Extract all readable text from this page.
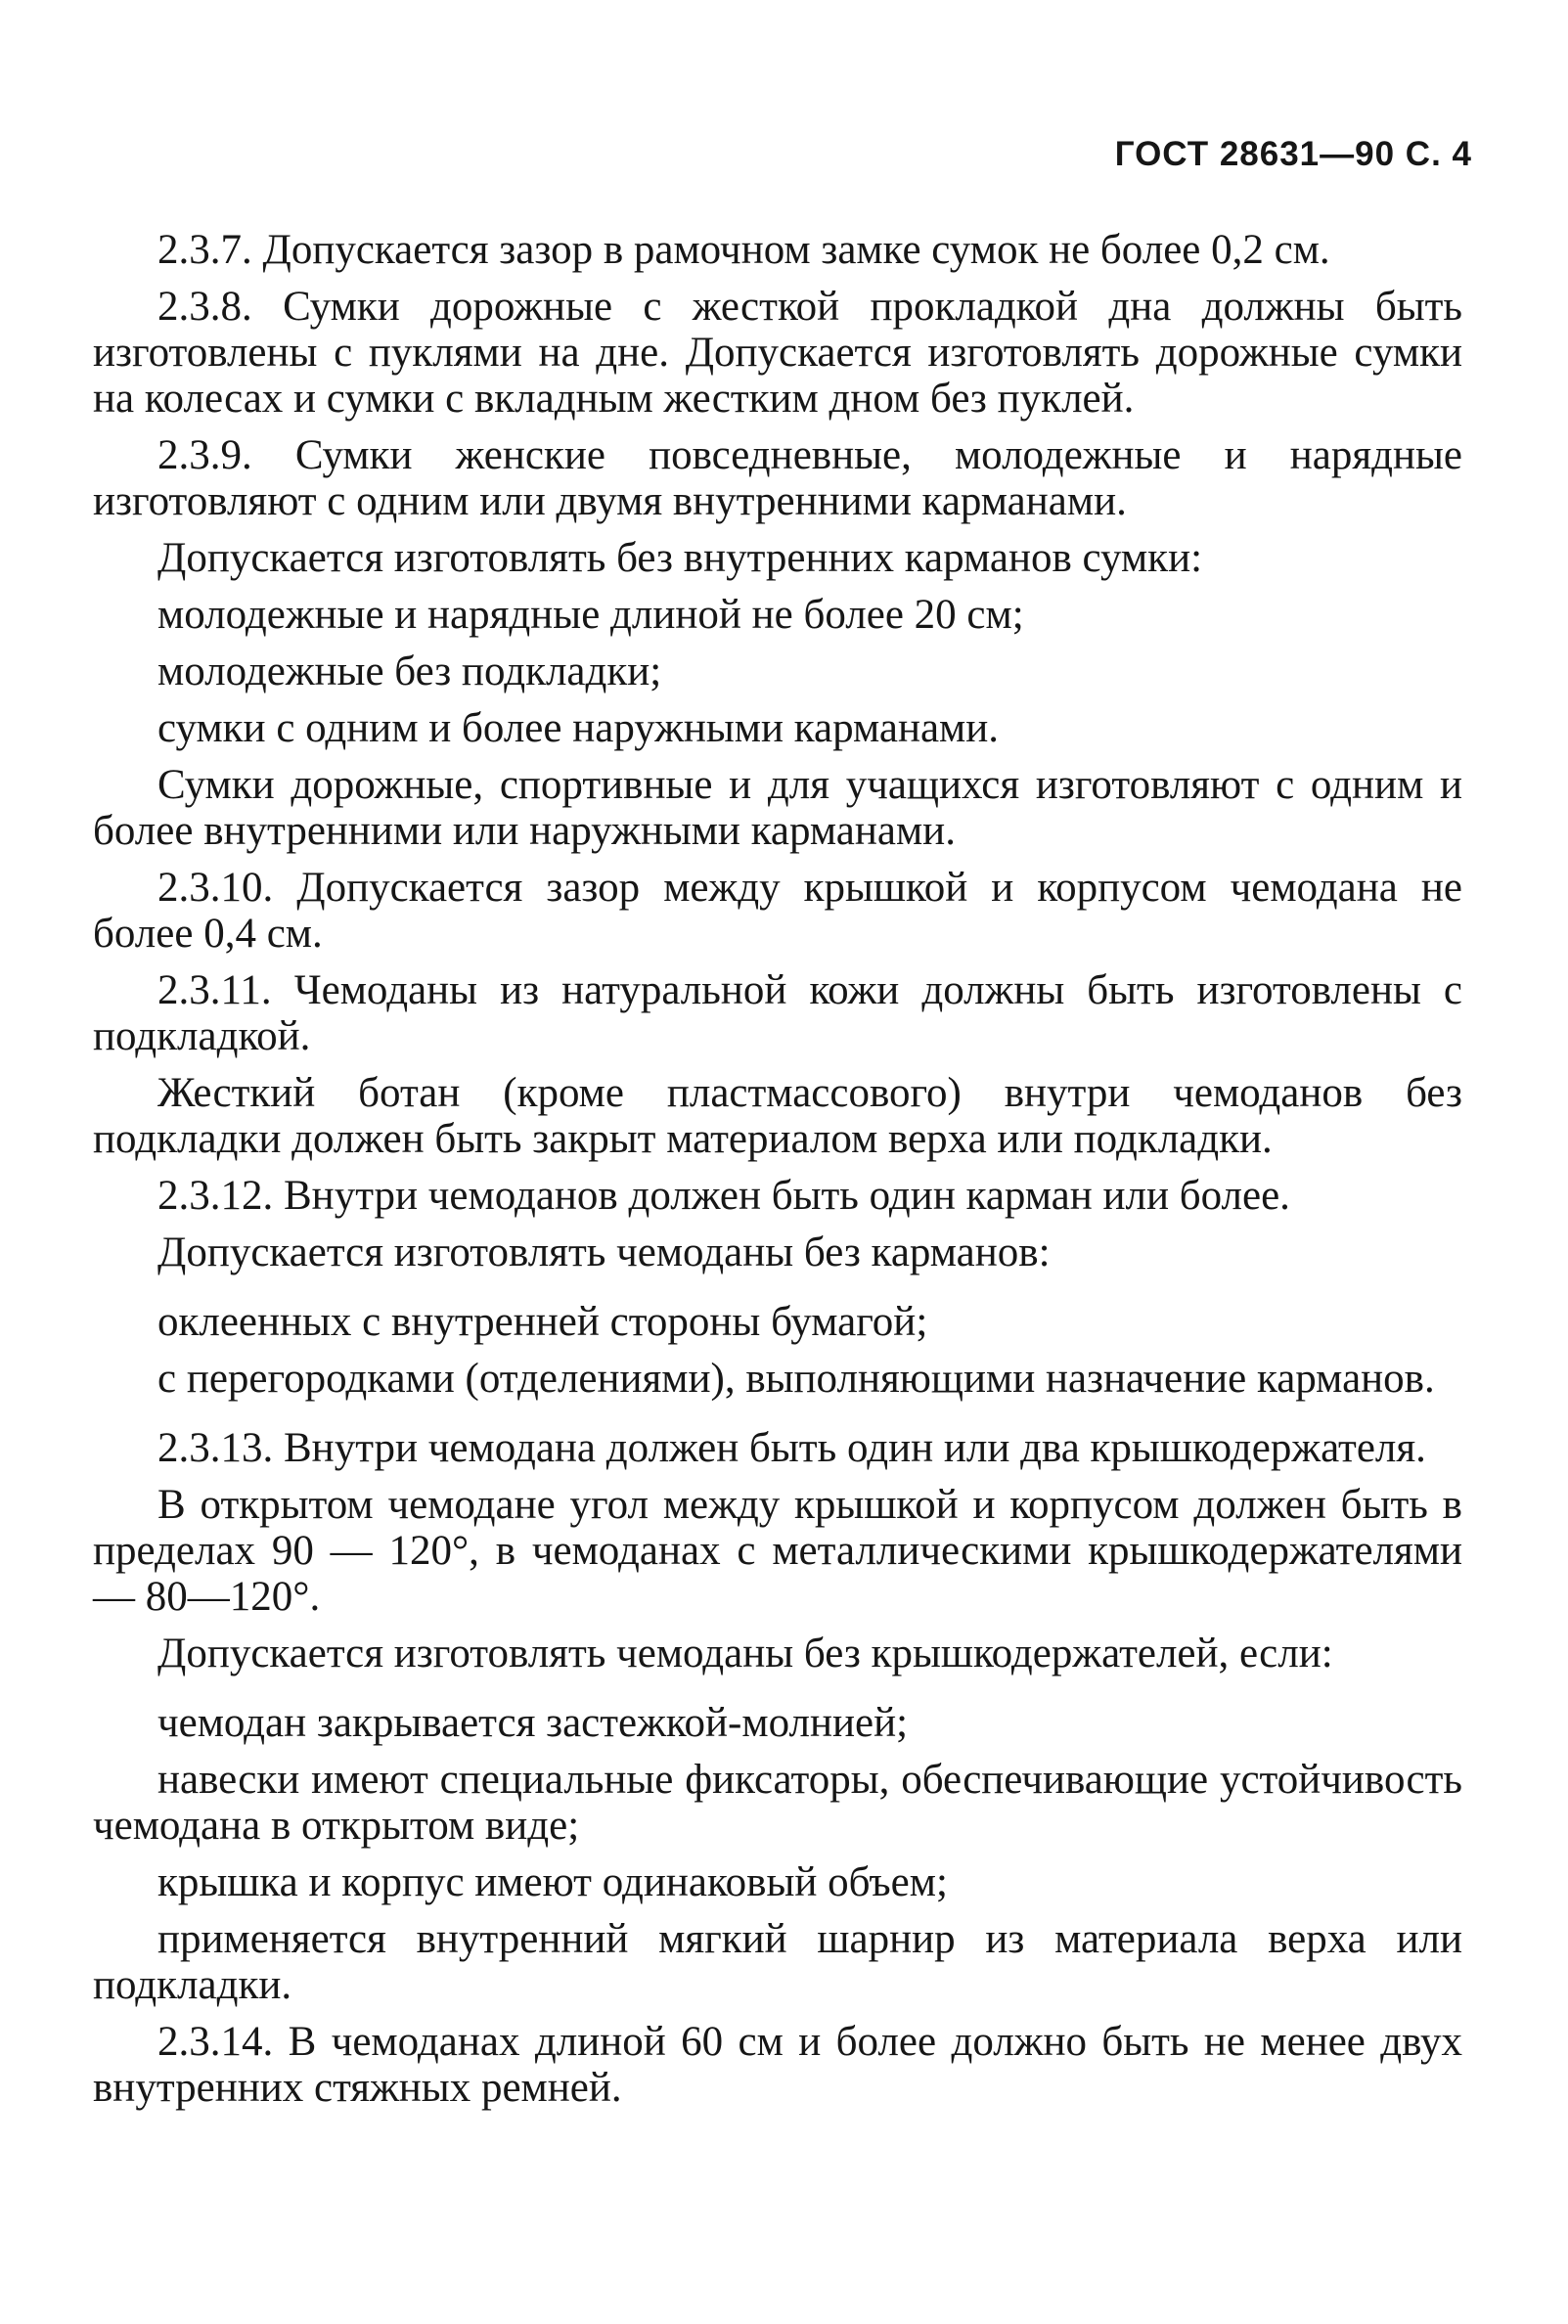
ГОСТ 28631—90 С. 4

2.3.7. Допускается зазор в рамочном замке сумок не более 0,2 см.

2.3.8. Сумки дорожные с жесткой прокладкой дна должны быть изготовлены с пуклями на дне. Допускается изготовлять дорожные сумки на колесах и сумки с вкладным жестким дном без пуклей.

2.3.9. Сумки женские повседневные, молодежные и нарядные изготовляют с одним или двумя внутренними карманами.

Допускается изготовлять без внутренних карманов сумки:

молодежные и нарядные длиной не более 20 см;

молодежные без подкладки;

сумки с одним и более наружными карманами.

Сумки дорожные, спортивные и для учащихся изготовляют с одним и более внутренними или наружными карманами.

2.3.10. Допускается зазор между крышкой и корпусом чемодана не более 0,4 см.

2.3.11. Чемоданы из натуральной кожи должны быть изготовлены с подкладкой.

Жесткий ботан (кроме пластмассового) внутри чемоданов без подкладки должен быть закрыт материалом верха или подкладки.

2.3.12. Внутри чемоданов должен быть один карман или более.

Допускается изготовлять чемоданы без карманов:

оклеенных с внутренней стороны бумагой;

с перегородками (отделениями), выполняющими назначение карманов.

2.3.13. Внутри чемодана должен быть один или два крышкодержателя.

В открытом чемодане угол между крышкой и корпусом должен быть в пределах 90 — 120°, в чемоданах с металлическими крышкодержателями — 80—120°.

Допускается изготовлять чемоданы без крышкодержателей, если:

чемодан закрывается застежкой-молнией;

навески имеют специальные фиксаторы, обеспечивающие устойчивость чемодана в открытом виде;

крышка и корпус имеют одинаковый объем;

применяется внутренний мягкий шарнир из материала верха или подкладки.

2.3.14. В чемоданах длиной 60 см и более должно быть не менее двух внутренних стяжных ремней.
